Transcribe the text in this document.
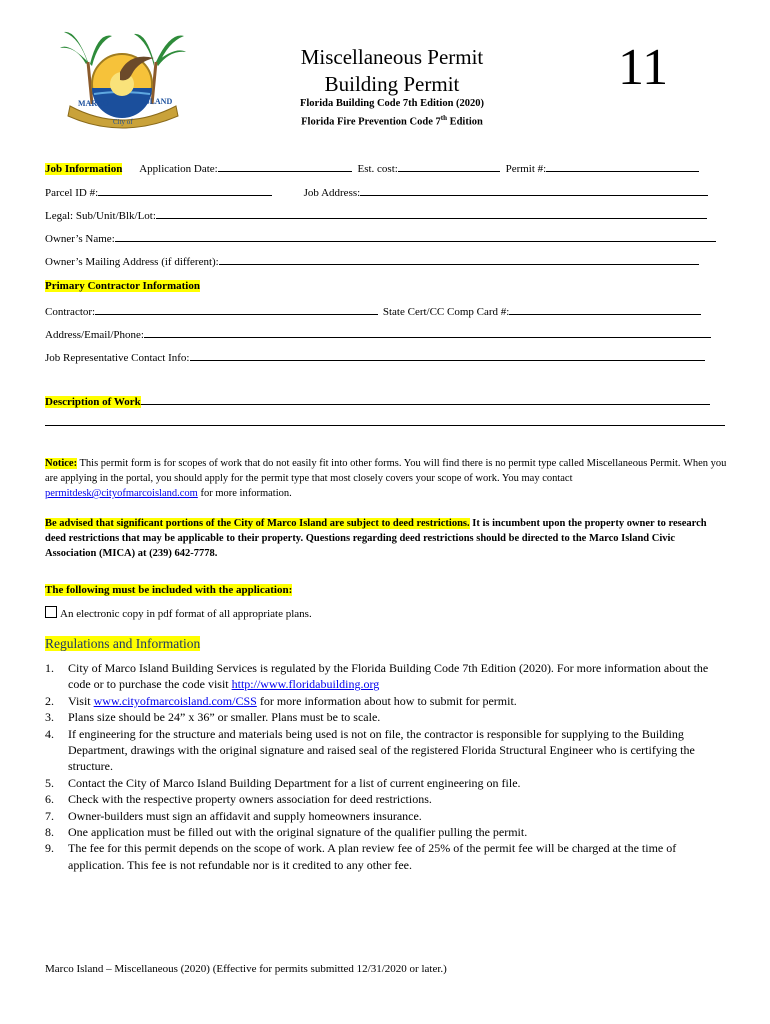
MARCO	ISLAND
City of
Miscellaneous Permit
Building Permit
Florida Building Code 7th Edition (2020)
Florida Fire Prevention Code 7th Edition
11
Job Information Application Date:	Est. cost:	Permit #:
Parcel ID #:	Job Address:
Legal: Sub/Unit/Blk/Lot:
Owner’s Name:
Owner’s Mailing Address (if different):
Primary Contractor Information
Contractor:	State Cert/CC Comp Card #:
Address/Email/Phone:
Job Representative Contact Info:
Description of Work
Notice: This permit form is for scopes of work that do not easily fit into other forms. You will find there is no permit type called Miscellaneous Permit. When you are applying in the portal, you should apply for the permit type that most closely covers your scope of work. You may contact permitdesk@cityofmarcoisland.com for more information.
Be advised that significant portions of the City of Marco Island are subject to deed restrictions. It is incumbent upon the property owner to research deed restrictions that may be applicable to their property. Questions regarding deed restrictions should be directed to the Marco Island Civic Association (MICA) at (239) 642-7778.
The following must be included with the application:
An electronic copy in pdf format of all appropriate plans.
Regulations and Information
1. City of Marco Island Building Services is regulated by the Florida Building Code 7th Edition (2020). For more information about the code or to purchase the code visit http://www.floridabuilding.org
2. Visit www.cityofmarcoisland.com/CSS for more information about how to submit for permit.
3. Plans size should be 24” x 36” or smaller. Plans must be to scale.
4. If engineering for the structure and materials being used is not on file, the contractor is responsible for supplying to the Building Department, drawings with the original signature and raised seal of the registered Florida Structural Engineer who is certifying the structure.
5. Contact the City of Marco Island Building Department for a list of current engineering on file.
6. Check with the respective property owners association for deed restrictions.
7. Owner-builders must sign an affidavit and supply homeowners insurance.
8. One application must be filled out with the original signature of the qualifier pulling the permit.
9. The fee for this permit depends on the scope of work. A plan review fee of 25% of the permit fee will be charged at the time of application. This fee is not refundable nor is it credited to any other fee.
Marco Island – Miscellaneous (2020) (Effective for permits submitted 12/31/2020 or later.)
